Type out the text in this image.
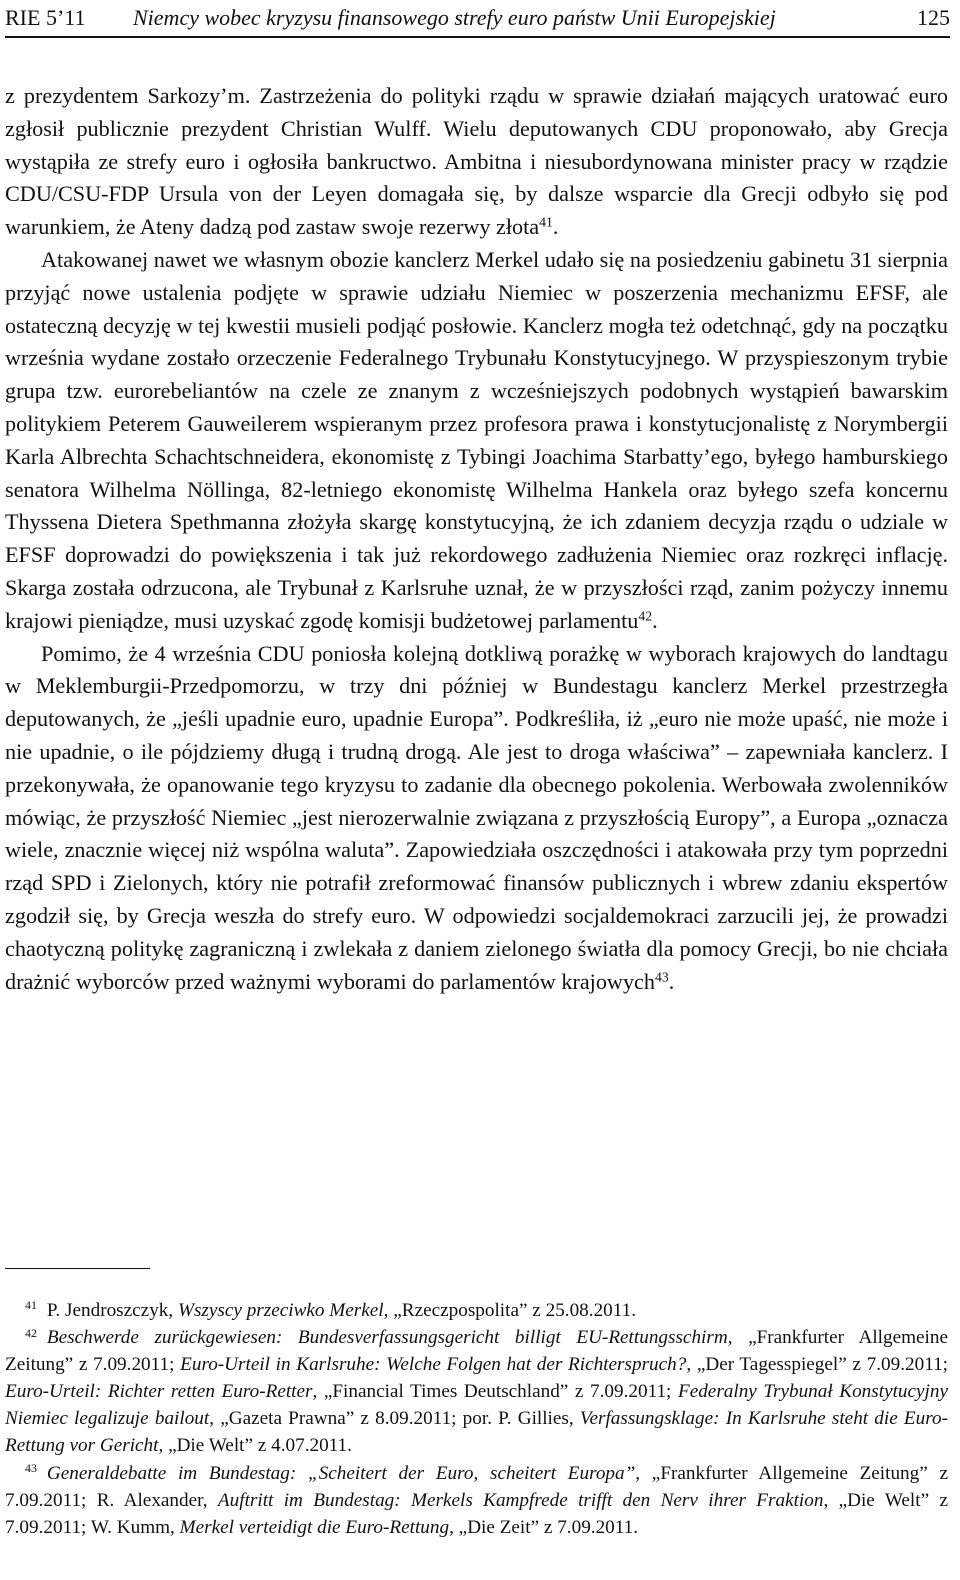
RIE 5’11 Niemcy wobec kryzysu finansowego strefy euro państw Unii Europejskiej	125

z prezydentem Sarkozy’m. Zastrzeżenia do polityki rządu w sprawie działań mających uratować euro zgłosił publicznie prezydent Christian Wulff. Wielu deputowanych CDU proponowało, aby Grecja wystąpiła ze strefy euro i ogłosiła bankructwo. Ambitna i niesubordynowana minister pracy w rządzie CDU/CSU-FDP Ursula von der Leyen domagała się, by dalsze wsparcie dla Grecji odbyło się pod warunkiem, że Ateny dadzą pod zastaw swoje rezerwy złota$^{41}$.

Atakowanej nawet we własnym obozie kanclerz Merkel udało się na posiedzeniu gabinetu 31 sierpnia przyjąć nowe ustalenia podjęte w sprawie udziału Niemiec w poszerzenia mechanizmu EFSF, ale ostateczną decyzję w tej kwestii musieli podjąć posłowie. Kanclerz mogła też odetchnąć, gdy na początku września wydane zostało orzeczenie Federalnego Trybunału Konstytucyjnego. W przyspieszonym trybie grupa tzw. eurorebeliantów na czele ze znanym z wcześniejszych podobnych wystąpień bawarskim politykiem Peterem Gauweilerem wspieranym przez profesora prawa i konstytucjonalistę z Norymbergii Karla Albrechta Schachtschneidera, ekonomistę z Tybingi Joachima Starbatty’ego, byłego hamburskiego senatora Wilhelma Nöllinga, 82-letniego ekonomistę Wilhelma Hankela oraz byłego szefa koncernu Thyssena Dietera Spethmanna złożyła skargę konstytucyjną, że ich zdaniem decyzja rządu o udziale w EFSF doprowadzi do powiększenia i tak już rekordowego zadłużenia Niemiec oraz rozkręci inflację. Skarga została odrzucona, ale Trybunał z Karlsruhe uznał, że w przyszłości rząd, zanim pożyczy innemu krajowi pieniądze, musi uzyskać zgodę komisji budżetowej parlamentu$^{42}$.

Pomimo, że 4 września CDU poniosła kolejną dotkliwą porażkę w wyborach krajowych do landtagu w Meklemburgii-Przedpomorzu, w trzy dni później w Bundestagu kanclerz Merkel przestrzegła deputowanych, że „jeśli upadnie euro, upadnie Europa”. Podkreśliła, iż „euro nie może upaść, nie może i nie upadnie, o ile pójdziemy długą i trudną drogą. Ale jest to droga właściwa” – zapewniała kanclerz. I przekonywała, że opanowanie tego kryzysu to zadanie dla obecnego pokolenia. Werbowała zwolenników mówiąc, że przyszłość Niemiec „jest nierozerwalnie związana z przyszłością Europy”, a Europa „oznacza wiele, znacznie więcej niż wspólna waluta”. Zapowiedziała oszczędności i atakowała przy tym poprzedni rząd SPD i Zielonych, który nie potrafił zreformować finansów publicznych i wbrew zdaniu ekspertów zgodził się, by Grecja weszła do strefy euro. W odpowiedzi socjaldemokraci zarzucili jej, że prowadzi chaotyczną politykę zagraniczną i zwlekała z daniem zielonego światła dla pomocy Grecji, bo nie chciała drażnić wyborców przed ważnymi wyborami do parlamentów krajowych$^{43}$.

$^{41}$ P. Jendroszczyk, Wszyscy przeciwko Merkel, „Rzeczpospolita” z 25.08.2011.

$^{42}$ Beschwerde zurückgewiesen: Bundesverfassungsgericht billigt EU-Rettungsschirm, „Frankfurter Allgemeine Zeitung” z 7.09.2011; Euro-Urteil in Karlsruhe: Welche Folgen hat der Richterspruch?, „Der Tagesspiegel” z 7.09.2011; Euro-Urteil: Richter retten Euro-Retter, „Financial Times Deutschland” z 7.09.2011; Federalny Trybunał Konstytucyjny Niemiec legalizuje bailout, „Gazeta Prawna” z 8.09.2011; por. P. Gillies, Verfassungsklage: In Karlsruhe steht die Euro-Rettung vor Gericht, „Die Welt” z 4.07.2011.

$^{43}$ Generaldebatte im Bundestag: „Scheitert der Euro, scheitert Europa”, „Frankfurter Allgemeine Zeitung” z 7.09.2011; R. Alexander, Auftritt im Bundestag: Merkels Kampfrede trifft den Nerv ihrer Fraktion, „Die Welt” z 7.09.2011; W. Kumm, Merkel verteidigt die Euro-Rettung, „Die Zeit” z 7.09.2011.
